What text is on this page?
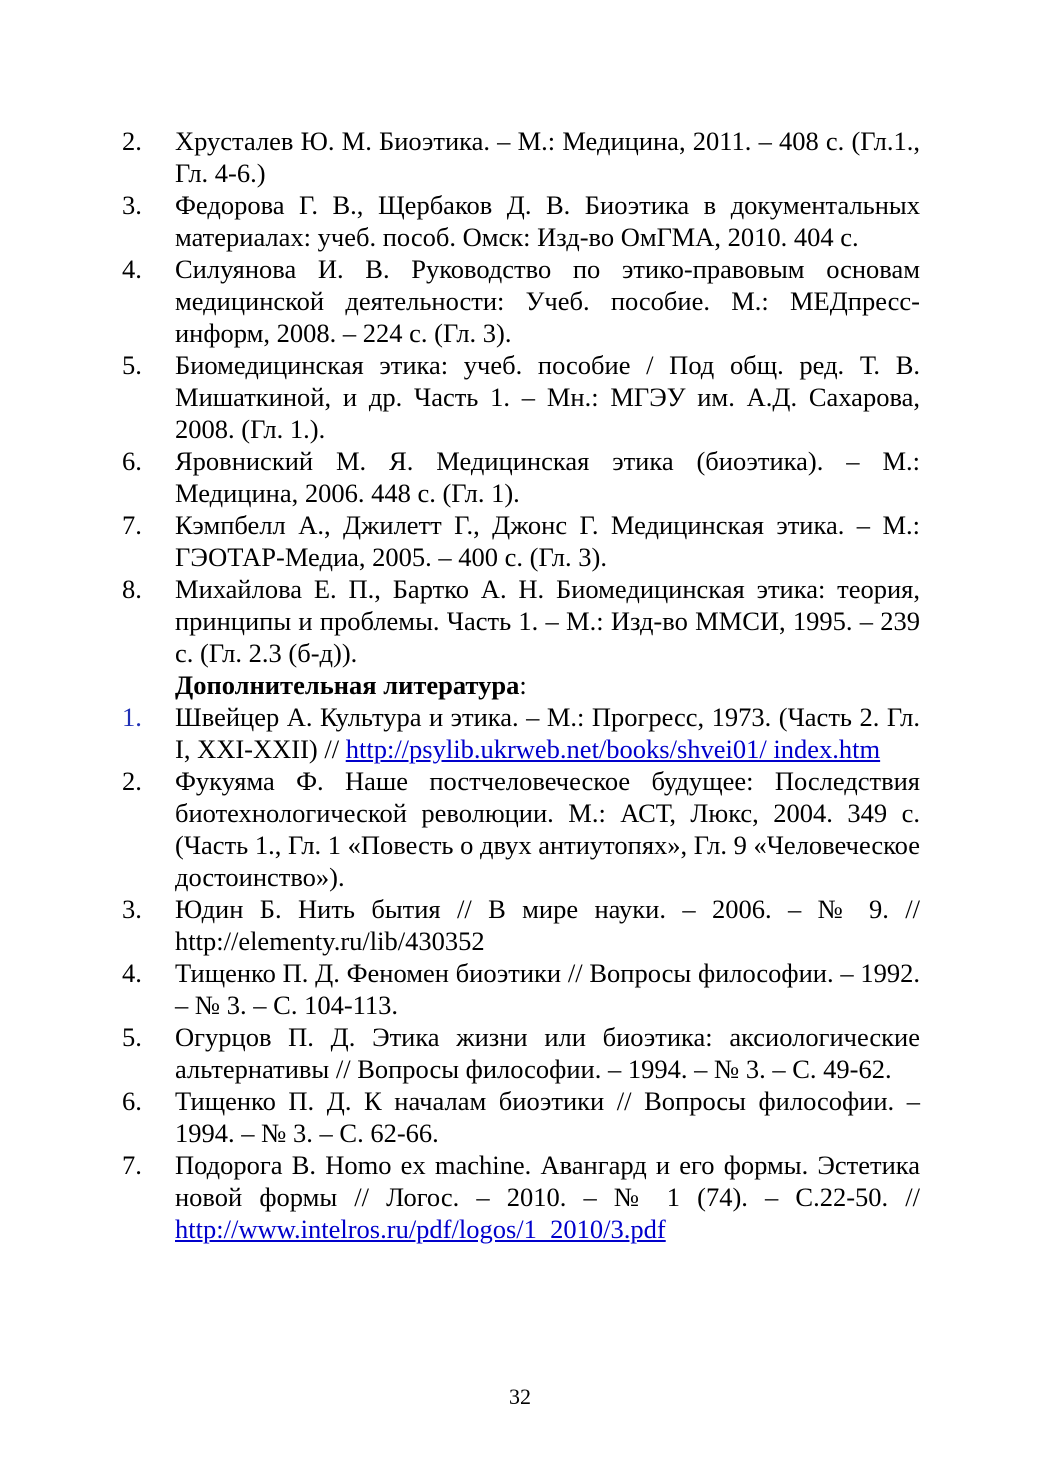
2. Хрусталев Ю. М. Биоэтика. – М.: Медицина, 2011. – 408 с. (Гл.1., Гл. 4-6.)

3. Федорова Г. В., Щербаков Д. В. Биоэтика в документальных материалах: учеб. пособ. Омск: Изд-во ОмГМА, 2010. 404 с.

4. Силуянова И. В. Руководство по этико-правовым основам медицинской деятельности: Учеб. пособие. М.: МЕДпресс-информ, 2008. – 224 с. (Гл. 3).

5. Биомедицинская этика: учеб. пособие / Под общ. ред. Т. В. Мишаткиной, и др. Часть 1. – Мн.: МГЭУ им. А.Д. Сахарова, 2008. (Гл. 1.).

6. Яровниский М. Я. Медицинская этика (биоэтика). – М.: Медицина, 2006. 448 с. (Гл. 1).

7. Кэмпбелл А., Джилетт Г., Джонс Г. Медицинская этика. – М.: ГЭОТАР-Медиа, 2005. – 400 с. (Гл. 3).

8. Михайлова Е. П., Бартко А. Н. Биомедицинская этика: теория, принципы и проблемы. Часть 1. – М.: Изд-во ММСИ, 1995. – 239 с. (Гл. 2.3 (б-д)).

Дополнительная литература:

1. Швейцер А. Культура и этика. – М.: Прогресс, 1973. (Часть 2. Гл. I, XXI-XXII) // http://psylib.ukrweb.net/books/shvei01/ index.htm

2. Фукуяма Ф. Наше постчеловеческое будущее: Последствия биотехнологической революции. М.: АСТ, Люкс, 2004. 349 с. (Часть 1., Гл. 1 «Повесть о двух антиутопях», Гл. 9 «Человеческое достоинство»).

3. Юдин Б. Нить бытия // В мире науки. – 2006. – № 9. // http://elementy.ru/lib/430352

4. Тищенко П. Д. Феномен биоэтики // Вопросы философии. – 1992. – № 3. – С. 104-113.

5. Огурцов П. Д. Этика жизни или биоэтика: аксиологические альтернативы // Вопросы философии. – 1994. – № 3. – С. 49-62.

6. Тищенко П. Д. К началам биоэтики // Вопросы философии. – 1994. – № 3. – С. 62-66.

7. Подорога В. Homo ex machine. Авангард и его формы. Эстетика новой формы // Логос. – 2010. – № 1 (74). – С.22-50. // http://www.intelros.ru/pdf/logos/1_2010/3.pdf

32
